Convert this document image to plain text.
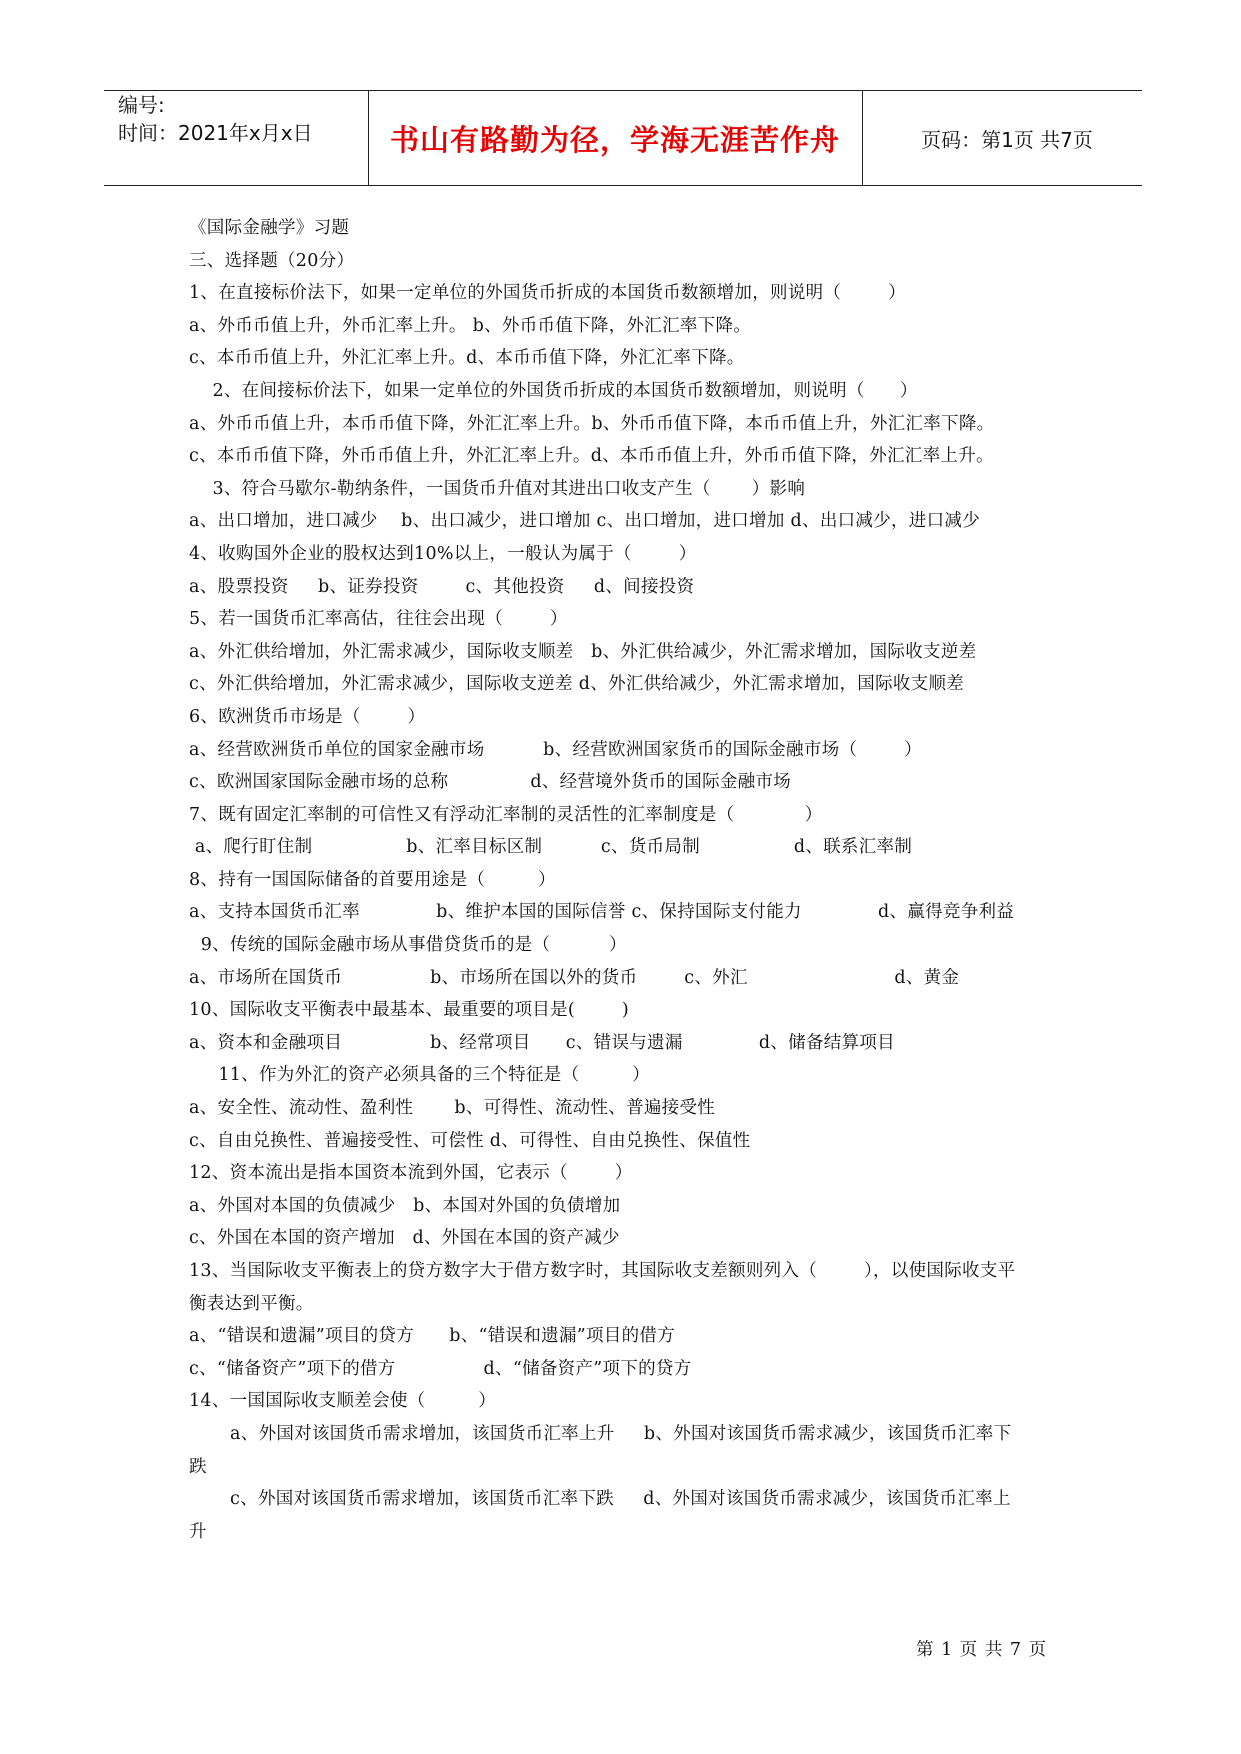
编号:
时间：2021年x月x日	书山有路勤为径，学海无涯苦作舟	页码：第1页 共7页
《国际金融学》习题
三、选择题（20分）
1、在直接标价法下，如果一定单位的外国货币折成的本国货币数额增加，则说明（        ）
a、外币币值上升，外币汇率上升。 b、外币币值下降，外汇汇率下降。
c、本币币值上升，外汇汇率上升。d、本币币值下降，外汇汇率下降。
2、在间接标价法下，如果一定单位的外国货币折成的本国货币数额增加，则说明（      ）
a、外币币值上升，本币币值下降，外汇汇率上升。b、外币币值下降，本币币值上升，外汇汇率下降。
c、本币币值下降，外币币值上升，外汇汇率上升。d、本币币值上升，外币币值下降，外汇汇率上升。
3、符合马歇尔-勒纳条件，一国货币升值对其进出口收支产生（       ）影响
a、出口增加，进口减少    b、出口减少，进口增加 c、出口增加，进口增加 d、出口减少，进口减少
4、收购国外企业的股权达到10%以上，一般认为属于（        ）
a、股票投资     b、证券投资        c、其他投资     d、间接投资
5、若一国货币汇率高估，往往会出现（        ）
a、外汇供给增加，外汇需求减少，国际收支顺差   b、外汇供给减少，外汇需求增加，国际收支逆差
c、外汇供给增加，外汇需求减少，国际收支逆差 d、外汇供给减少，外汇需求增加，国际收支顺差
6、欧洲货币市场是（        ）
a、经营欧洲货币单位的国家金融市场          b、经营欧洲国家货币的国际金融市场（        ）
c、欧洲国家国际金融市场的总称              d、经营境外货币的国际金融市场
7、既有固定汇率制的可信性又有浮动汇率制的灵活性的汇率制度是（            ）
a、爬行盯住制                b、汇率目标区制          c、货币局制                d、联系汇率制
8、持有一国国际储备的首要用途是（         ）
a、支持本国货币汇率             b、维护本国的国际信誉 c、保持国际支付能力             d、赢得竞争利益
9、传统的国际金融市场从事借贷货币的是（          ）
a、市场所在国货币               b、市场所在国以外的货币        c、外汇                         d、黄金
10、国际收支平衡表中最基本、最重要的项目是(        )
a、资本和金融项目               b、经常项目      c、错误与遗漏             d、储备结算项目
11、作为外汇的资产必须具备的三个特征是（         ）
a、安全性、流动性、盈利性       b、可得性、流动性、普遍接受性
c、自由兑换性、普遍接受性、可偿性 d、可得性、自由兑换性、保值性
12、资本流出是指本国资本流到外国，它表示（        ）
a、外国对本国的负债减少   b、本国对外国的负债增加
c、外国在本国的资产增加   d、外国在本国的资产减少
13、当国际收支平衡表上的贷方数字大于借方数字时，其国际收支差额则列入（        ），以使国际收支平
衡表达到平衡。
a、“错误和遗漏”项目的贷方      b、“错误和遗漏”项目的借方
c、“储备资产”项下的借方               d、“储备资产”项下的贷方
14、一国国际收支顺差会使（         ）
a、外国对该国货币需求增加，该国货币汇率上升     b、外国对该国货币需求减少，该国货币汇率下
跌
c、外国对该国货币需求增加，该国货币汇率下跌     d、外国对该国货币需求减少，该国货币汇率上
升
第 1 页 共 7 页
